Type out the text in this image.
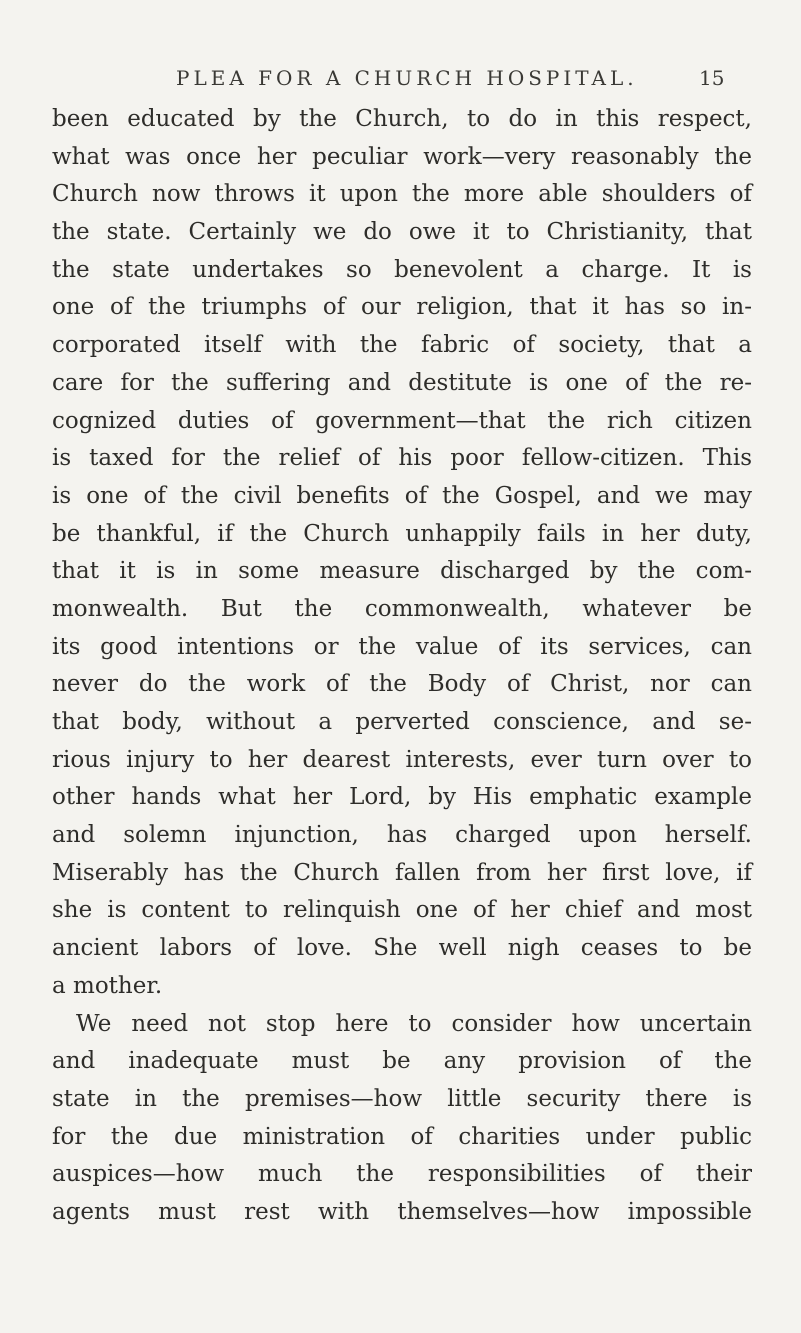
PLEA FOR A CHURCH HOSPITAL.	15
been educated by the Church, to do in this respect,
what was once her peculiar work—very reasonably the
Church now throws it upon the more able shoulders of
the state. Certainly we do owe it to Christianity, that
the state undertakes so benevolent a charge. It is
one of the triumphs of our religion, that it has so in-
corporated itself with the fabric of society, that a
care for the suffering and destitute is one of the re-
cognized duties of government—that the rich citizen
is taxed for the relief of his poor fellow-citizen. This
is one of the civil benefits of the Gospel, and we may
be thankful, if the Church unhappily fails in her duty,
that it is in some measure discharged by the com-
monwealth. But the commonwealth, whatever be
its good intentions or the value of its services, can
never do the work of the Body of Christ, nor can
that body, without a perverted conscience, and se-
rious injury to her dearest interests, ever turn over to
other hands what her Lord, by His emphatic example
and solemn injunction, has charged upon herself.
Miserably has the Church fallen from her first love, if
she is content to relinquish one of her chief and most
ancient labors of love. She well nigh ceases to be
a mother.
We need not stop here to consider how uncertain
and inadequate must be any provision of the
state in the premises—how little security there is
for the due ministration of charities under public
auspices—how much the responsibilities of their
agents must rest with themselves—how impossible
